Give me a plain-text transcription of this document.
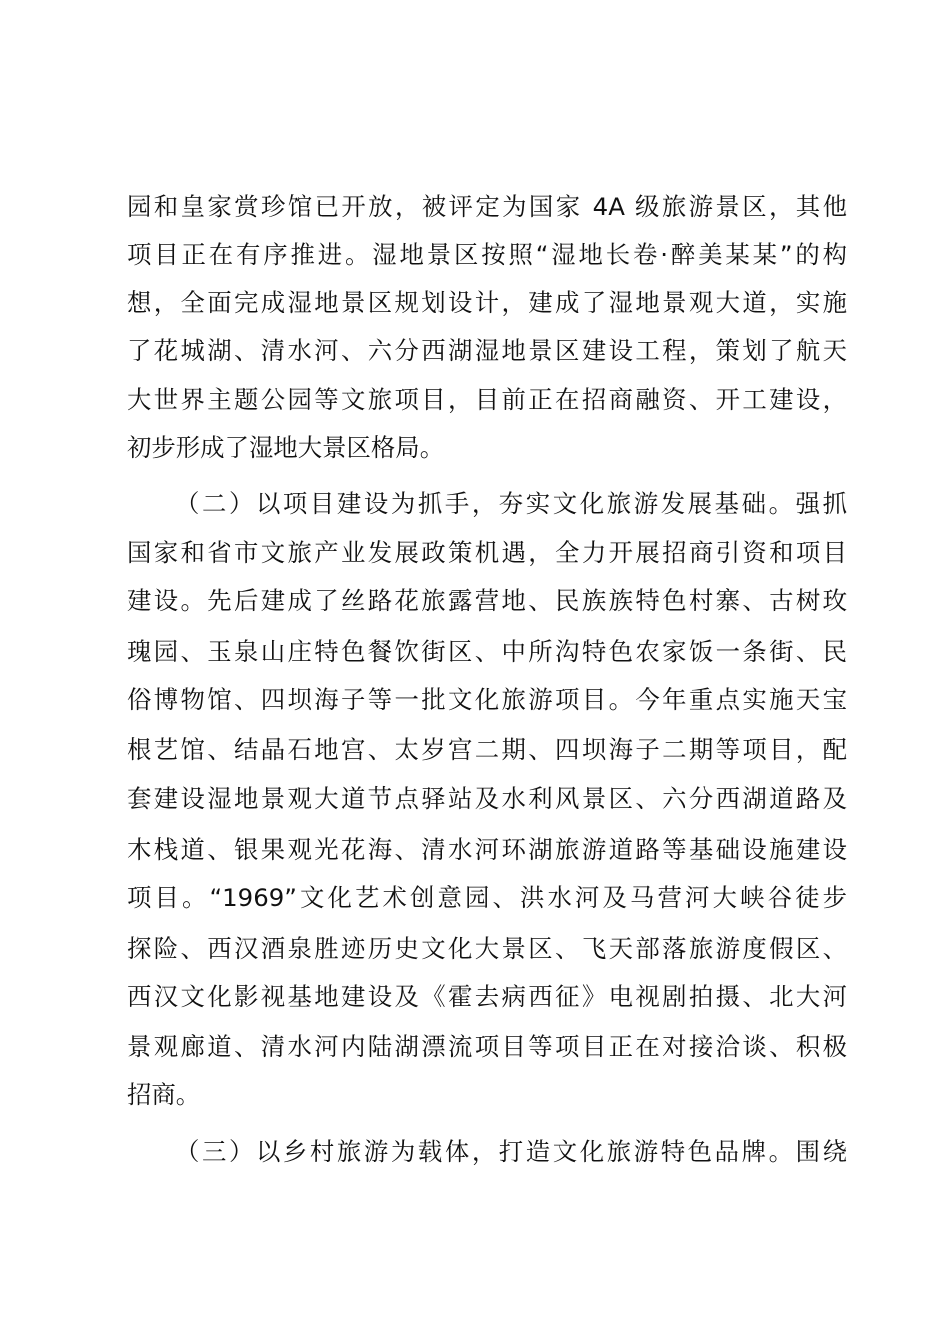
园和皇家赏珍馆已开放，被评定为国家 4A 级旅游景区，其他
项目正在有序推进。湿地景区按照“湿地长卷·醉美某某”的构
想，全面完成湿地景区规划设计，建成了湿地景观大道，实施
了花城湖、清水河、六分西湖湿地景区建设工程，策划了航天
大世界主题公园等文旅项目，目前正在招商融资、开工建设，
初步形成了湿地大景区格局。
（二）以项目建设为抓手，夯实文化旅游发展基础。强抓
国家和省市文旅产业发展政策机遇，全力开展招商引资和项目
建设。先后建成了丝路花旅露营地、民族族特色村寨、古树玫
瑰园、玉泉山庄特色餐饮街区、中所沟特色农家饭一条街、民
俗博物馆、四坝海子等一批文化旅游项目。今年重点实施天宝
根艺馆、结晶石地宫、太岁宫二期、四坝海子二期等项目，配
套建设湿地景观大道节点驿站及水利风景区、六分西湖道路及
木栈道、银果观光花海、清水河环湖旅游道路等基础设施建设
项目。“1969”文化艺术创意园、洪水河及马营河大峡谷徒步
探险、西汉酒泉胜迹历史文化大景区、飞天部落旅游度假区、
西汉文化影视基地建设及《霍去病西征》电视剧拍摄、北大河
景观廊道、清水河内陆湖漂流项目等项目正在对接洽谈、积极
招商。
（三）以乡村旅游为载体，打造文化旅游特色品牌。围绕
